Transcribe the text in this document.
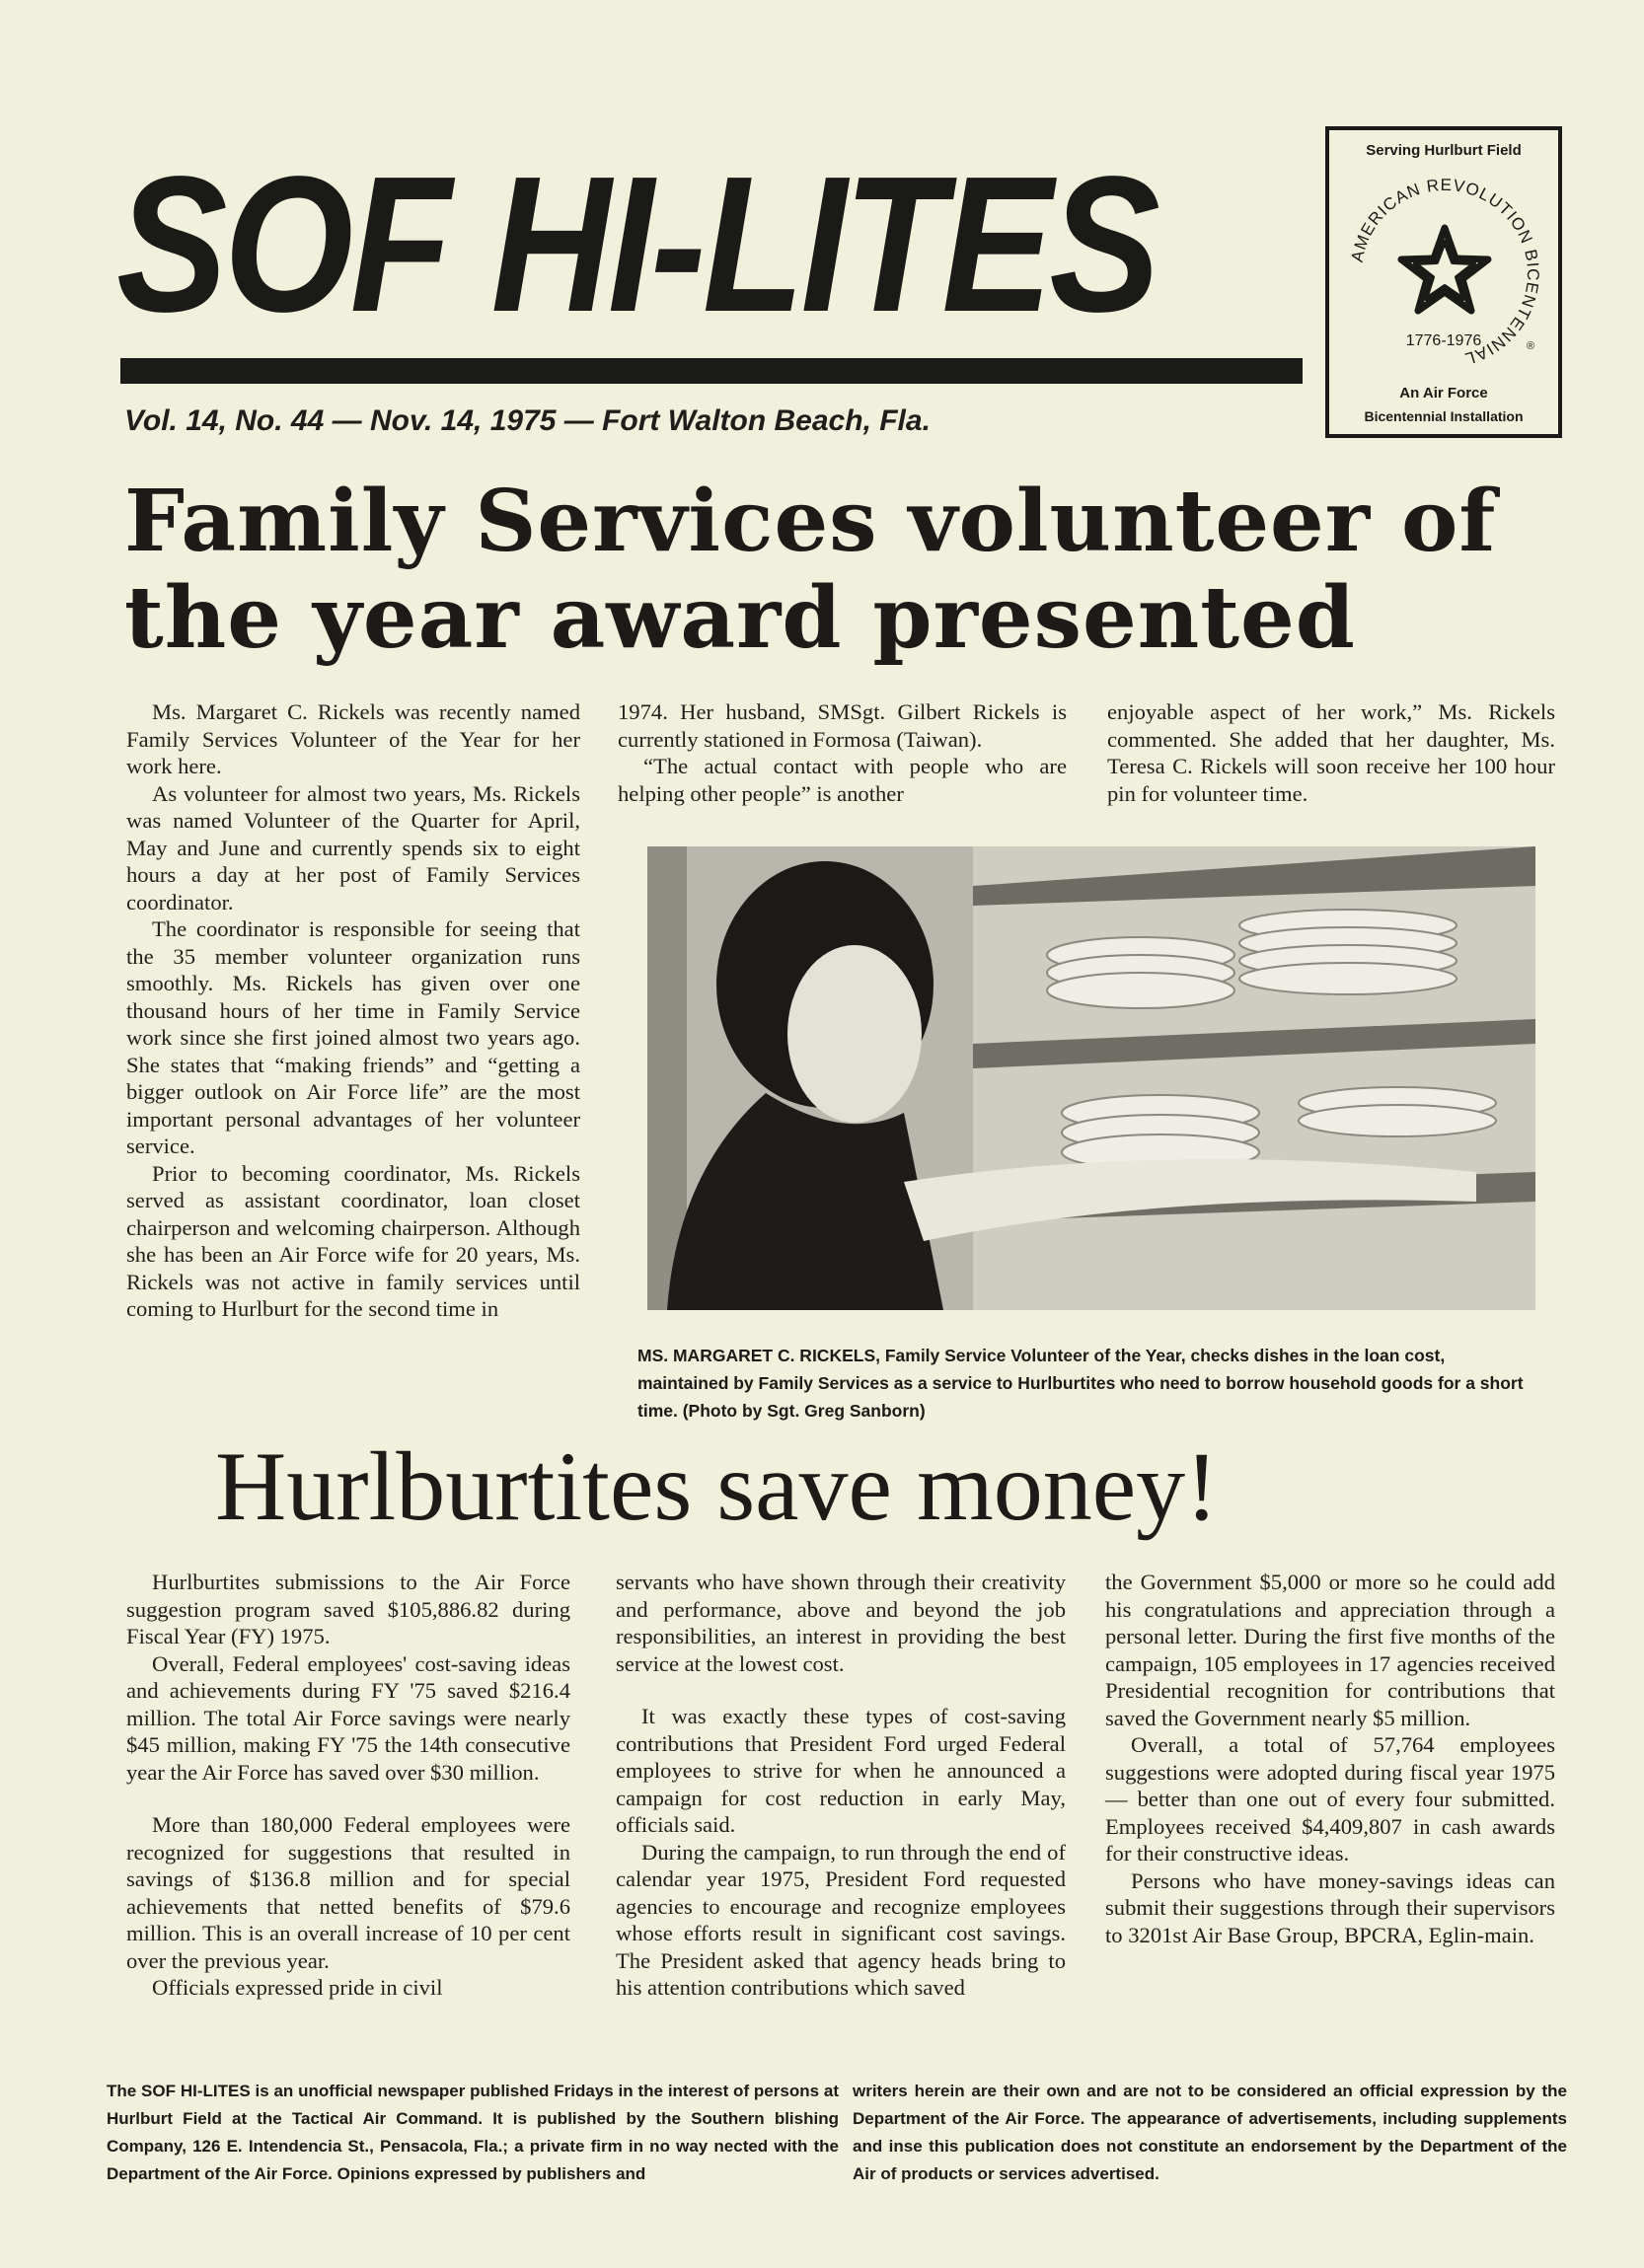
SOF HI-LITES
Vol. 14, No. 44 — Nov. 14, 1975 — Fort Walton Beach, Fla.
Serving Hurlburt Field
AMERICAN REVOLUTION BICENTENNIAL
1776-1976	®
An Air Force
Bicentennial Installation
Family Services volunteer of the year award presented

Ms. Margaret C. Rickels was recently named Family Services Volunteer of the Year for her work here.

As volunteer for almost two years, Ms. Rickels was named Volunteer of the Quarter for April, May and June and currently spends six to eight hours a day at her post of Family Services coordinator.

The coordinator is responsible for seeing that the 35 member volunteer organization runs smoothly. Ms. Rickels has given over one thousand hours of her time in Family Service work since she first joined almost two years ago. She states that “making friends” and “getting a bigger outlook on Air Force life” are the most important personal advantages of her volunteer service.

Prior to becoming coordinator, Ms. Rickels served as assistant coordinator, loan closet chairperson and welcoming chairperson. Although she has been an Air Force wife for 20 years, Ms. Rickels was not active in family services until coming to Hurlburt for the second time in

1974. Her husband, SMSgt. Gilbert Rickels is currently stationed in Formosa (Taiwan).

“The actual contact with people who are helping other people” is another

enjoyable aspect of her work,” Ms. Rickels commented. She added that her daughter, Ms. Teresa C. Rickels will soon receive her 100 hour pin for volunteer time.

MS. MARGARET C. RICKELS, Family Service Volunteer of the Year, checks dishes in the loan cost, maintained by Family Services as a service to Hurlburtites who need to borrow household goods for a short time. (Photo by Sgt. Greg Sanborn)
Hurlburtites save money!

Hurlburtites submissions to the Air Force suggestion program saved $105,886.82 during Fiscal Year (FY) 1975.

Overall, Federal employees' cost-saving ideas and achievements during FY '75 saved $216.4 million. The total Air Force savings were nearly $45 million, making FY '75 the 14th consecutive year the Air Force has saved over $30 million.

More than 180,000 Federal employees were recognized for suggestions that resulted in savings of $136.8 million and for special achievements that netted benefits of $79.6 million. This is an overall increase of 10 per cent over the previous year.

Officials expressed pride in civil

servants who have shown through their creativity and performance, above and beyond the job responsibilities, an interest in providing the best service at the lowest cost.

It was exactly these types of cost-saving contributions that President Ford urged Federal employees to strive for when he announced a campaign for cost reduction in early May, officials said.

During the campaign, to run through the end of calendar year 1975, President Ford requested agencies to encourage and recognize employees whose efforts result in significant cost savings. The President asked that agency heads bring to his attention contributions which saved

the Government $5,000 or more so he could add his congratulations and appreciation through a personal letter. During the first five months of the campaign, 105 employees in 17 agencies received Presidential recognition for contributions that saved the Government nearly $5 million.

Overall, a total of 57,764 employees suggestions were adopted during fiscal year 1975 — better than one out of every four submitted. Employees received $4,409,807 in cash awards for their constructive ideas.

Persons who have money-savings ideas can submit their suggestions through their supervisors to 3201st Air Base Group, BPCRA, Eglin-main.

The SOF HI-LITES is an unofficial newspaper published Fridays in the interest of persons at Hurlburt Field at the Tactical Air Command. It is published by the Southern blishing Company, 126 E. Intendencia St., Pensacola, Fla.; a private firm in no way nected with the Department of the Air Force. Opinions expressed by publishers and
writers herein are their own and are not to be considered an official expression by the Department of the Air Force. The appearance of advertisements, including supplements and inse this publication does not constitute an endorsement by the Department of the Air of products or services advertised.
